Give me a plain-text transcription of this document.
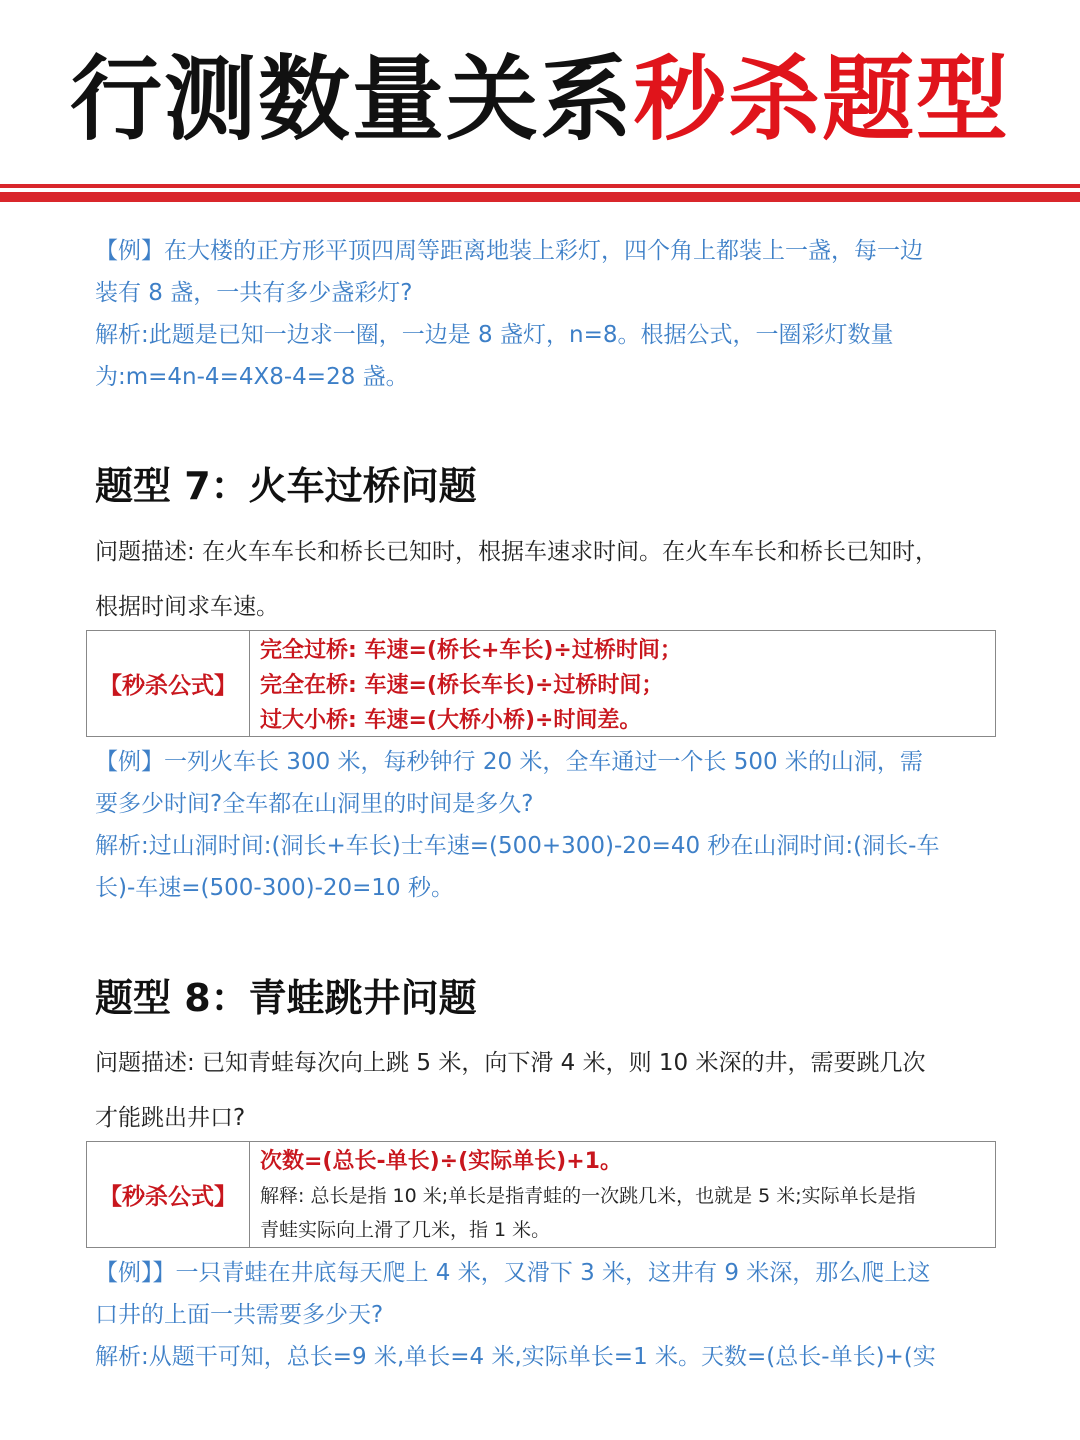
行测数量关系秒杀题型
【例】在大楼的正方形平顶四周等距离地装上彩灯，四个角上都装上一盏，每一边
装有 8 盏，一共有多少盏彩灯?
解析:此题是已知一边求一圈，一边是 8 盏灯，n=8。根据公式，一圈彩灯数量
为:m=4n-4=4X8-4=28 盏。
题型 7：火车过桥问题
问题描述: 在火车车长和桥长已知时，根据车速求时间。在火车车长和桥长已知时，
根据时间求车速。
【秒杀公式】
完全过桥: 车速=(桥长+车长)÷过桥时间；
完全在桥: 车速=(桥长车长)÷过桥时间；
过大小桥: 车速=(大桥小桥)÷时间差。
【例】一列火车长 300 米，每秒钟行 20 米，全车通过一个长 500 米的山洞，需
要多少时间?全车都在山洞里的时间是多久?
解析:过山洞时间:(洞长+车长)士车速=(500+300)-20=40 秒在山洞时间:(洞长-车
长)-车速=(500-300)-20=10 秒。
题型 8：青蛙跳井问题
问题描述: 已知青蛙每次向上跳 5 米，向下滑 4 米，则 10 米深的井，需要跳几次
才能跳出井口?
【秒杀公式】
次数=(总长-单长)÷(实际单长)+1。
解释: 总长是指 10 米;单长是指青蛙的一次跳几米，也就是 5 米;实际单长是指
青蛙实际向上滑了几米，指 1 米。
【例】】一只青蛙在井底每天爬上 4 米，又滑下 3 米，这井有 9 米深，那么爬上这
口井的上面一共需要多少天?
解析:从题干可知，总长=9 米,单长=4 米,实际单长=1 米。天数=(总长-单长)+(实
